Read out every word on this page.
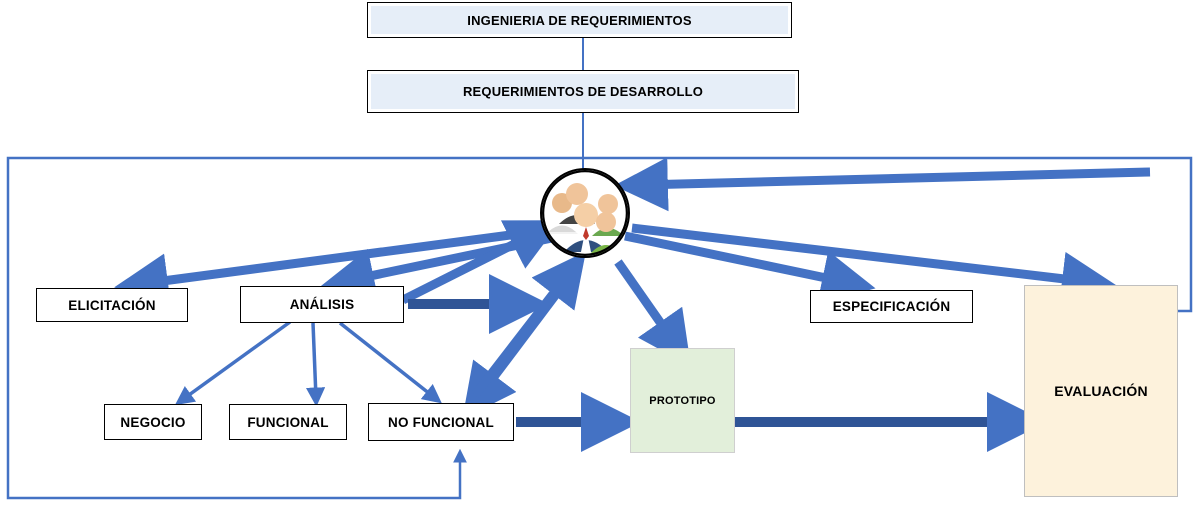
INGENIERIA DE REQUERIMIENTOS
REQUERIMIENTOS DE DESARROLLO
ELICITACIÓN	ANÁLISIS	ESPECIFICACIÓN
EVALUACIÓN
NEGOCIO	FUNCIONAL	NO FUNCIONAL
PROTOTIPO
